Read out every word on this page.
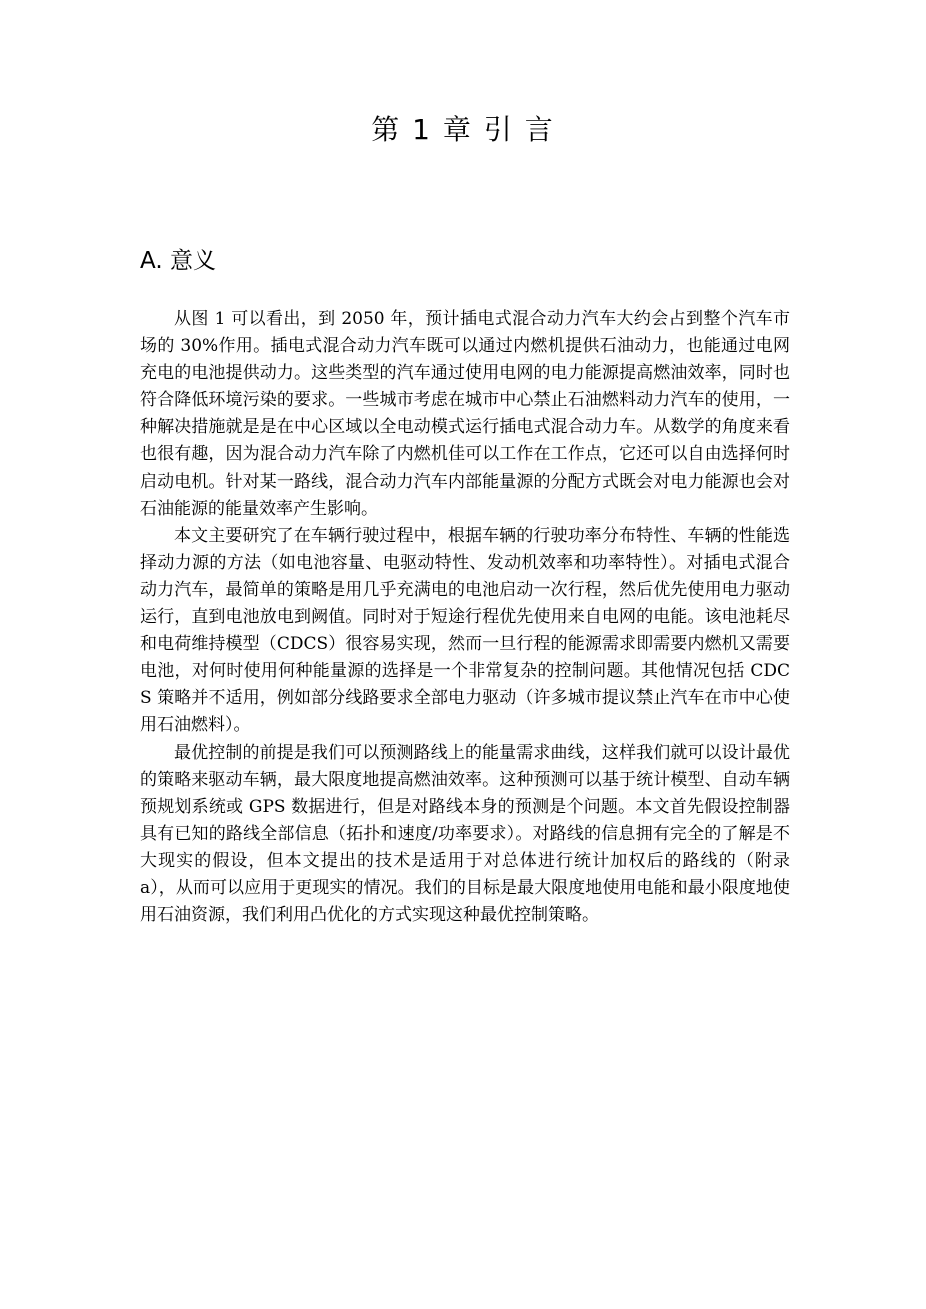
第 1 章 引 言
A. 意义

从图 1 可以看出，到 2050 年，预计插电式混合动力汽车大约会占到整个汽车市场的 30%作用。插电式混合动力汽车既可以通过内燃机提供石油动力，也能通过电网充电的电池提供动力。这些类型的汽车通过使用电网的电力能源提高燃油效率，同时也符合降低环境污染的要求。一些城市考虑在城市中心禁止石油燃料动力汽车的使用，一种解决措施就是是在中心区域以全电动模式运行插电式混合动力车。从数学的角度来看也很有趣，因为混合动力汽车除了内燃机佳可以工作在工作点，它还可以自由选择何时启动电机。针对某一路线，混合动力汽车内部能量源的分配方式既会对电力能源也会对石油能源的能量效率产生影响。

本文主要研究了在车辆行驶过程中，根据车辆的行驶功率分布特性、车辆的性能选择动力源的方法（如电池容量、电驱动特性、发动机效率和功率特性）。对插电式混合动力汽车，最简单的策略是用几乎充满电的电池启动一次行程，然后优先使用电力驱动运行，直到电池放电到阙值。同时对于短途行程优先使用来自电网的电能。该电池耗尽和电荷维持模型（CDCS）很容易实现，然而一旦行程的能源需求即需要内燃机又需要电池，对何时使用何种能量源的选择是一个非常复杂的控制问题。其他情况包括 CDCS 策略并不适用，例如部分线路要求全部电力驱动（许多城市提议禁止汽车在市中心使用石油燃料）。

最优控制的前提是我们可以预测路线上的能量需求曲线，这样我们就可以设计最优的策略来驱动车辆，最大限度地提高燃油效率。这种预测可以基于统计模型、自动车辆预规划系统或 GPS 数据进行，但是对路线本身的预测是个问题。本文首先假设控制器具有已知的路线全部信息（拓扑和速度/功率要求）。对路线的信息拥有完全的了解是不大现实的假设，但本文提出的技术是适用于对总体进行统计加权后的路线的（附录 a），从而可以应用于更现实的情况。我们的目标是最大限度地使用电能和最小限度地使用石油资源，我们利用凸优化的方式实现这种最优控制策略。
